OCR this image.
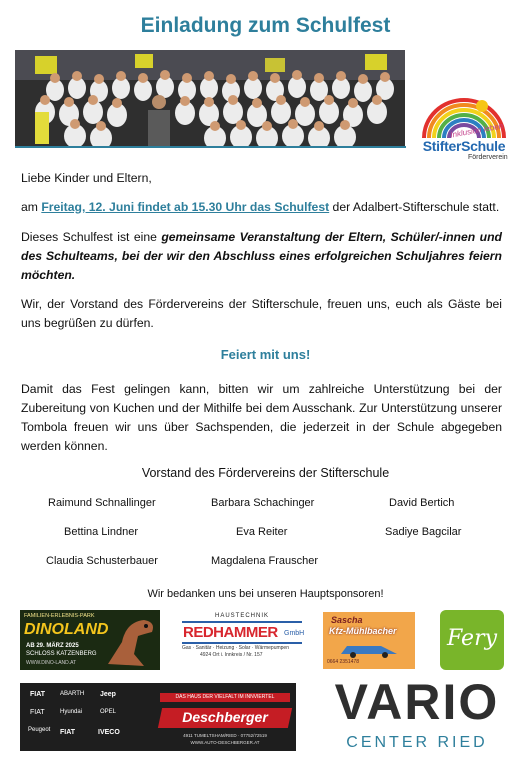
Einladung zum Schulfest
Inklusion leben
StifterSchule
Förderverein

Liebe Kinder und Eltern,

am Freitag, 12. Juni findet ab 15.30 Uhr das Schulfest der Adalbert-Stifterschule statt.

Dieses Schulfest ist eine gemeinsame Veranstaltung der Eltern, Schüler/-innen und des Schulteams, bei der wir den Abschluss eines erfolgreichen Schuljahres feiern möchten.

Wir, der Vorstand des Fördervereins der Stifterschule, freuen uns, euch als Gäste bei uns begrüßen zu dürfen.

Feiert mit uns!

Damit das Fest gelingen kann, bitten wir um zahlreiche Unterstützung bei der Zubereitung von Kuchen und der Mithilfe bei dem Ausschank. Zur Unterstützung unserer Tombola freuen wir uns über Sachspenden, die jederzeit in der Schule abgegeben werden können.

Vorstand des Fördervereins der Stifterschule
Raimund Schnallinger	Barbara Schachinger	David Bertich
Bettina Lindner	Eva Reiter	Sadiye Bagcilar
Claudia Schusterbauer	Magdalena Frauscher
Wir bedanken uns bei unseren Hauptsponsoren!
FAMILIEN-ERLEBNIS-PARK
DINOLAND
AB 29. MÄRZ 2025
SCHLOSS KATZENBERG
WWW.DINO-LAND.AT
HAUSTECHNIK
REDHAMMER GmbH
Gas · Sanitär · Heizung · Solar · Wärmepumpen
4924 Ort i. Innkreis / Nr. 157
Sascha
Kfz-Mühlbacher
0664 2351478
Fery
FIAT	Jeep
FIAT	Hyundai
ABARTH
OPEL
Peugeot FIAT	IVECO
DAS HAUS DER VIELFALT IM INNVIERTEL
Deschberger
4911 TUMELTSHAM/RIED · 07752/72519
WWW.AUTO-DESCHBERGER.AT
VARIO
CENTER RIED
